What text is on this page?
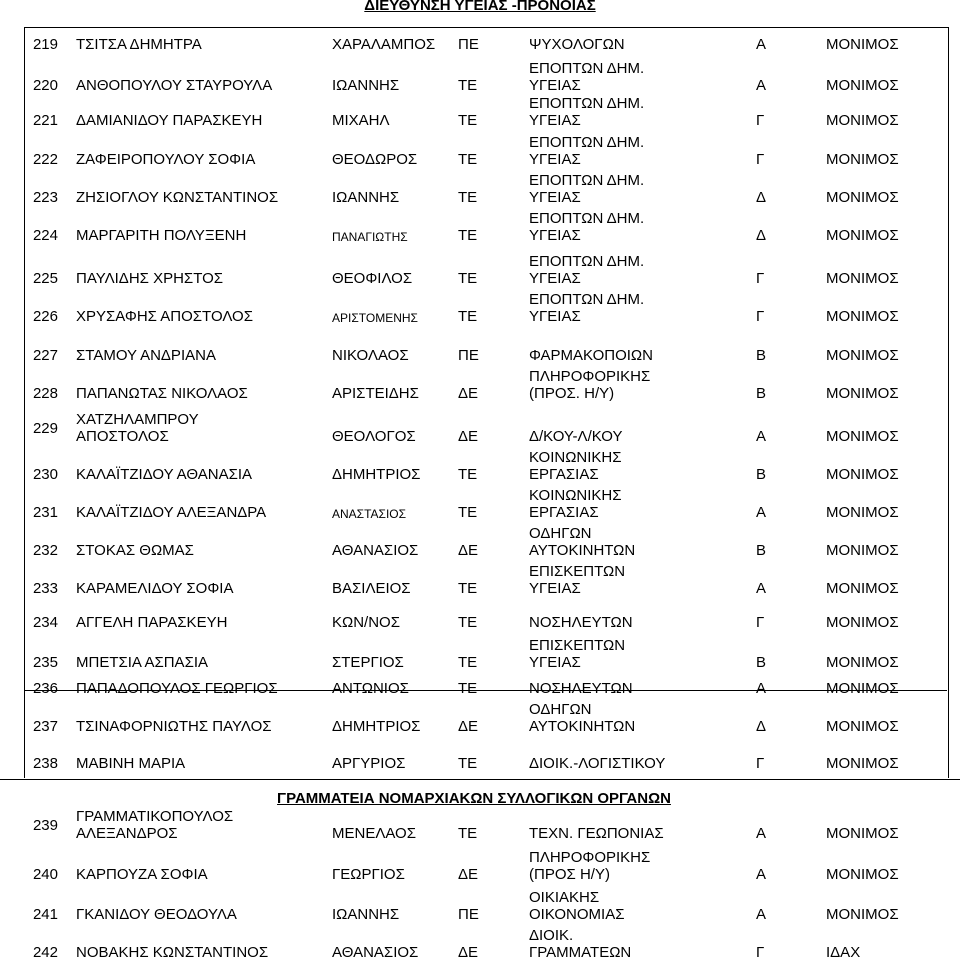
ΔΙΕΥΘΥΝΣΗ ΥΓΕΙΑΣ -ΠΡΟΝΟΙΑΣ
ΓΡΑΜΜΑΤΕΙΑ ΝΟΜΑΡΧΙΑΚΩΝ ΣΥΛΛΟΓΙΚΩΝ ΟΡΓΑΝΩΝ
219 ΤΣΙΤΣΑ ΔΗΜΗΤΡΑ	ΧΑΡΑΛΑΜΠΟΣ	ΠΕ	ΨΥΧΟΛΟΓΩΝ	Α	ΜΟΝΙΜΟΣ
220 ΑΝΘΟΠΟΥΛΟΥ ΣΤΑΥΡΟΥΛΑ	ΙΩΑΝΝΗΣ	ΤΕ
ΕΠΟΠΤΩΝ ΔΗΜ.
ΥΓΕΙΑΣ	Α	ΜΟΝΙΜΟΣ
221 ΔΑΜΙΑΝΙΔΟΥ ΠΑΡΑΣΚΕΥΗ	ΜΙΧΑΗΛ	ΤΕ
ΕΠΟΠΤΩΝ ΔΗΜ.
ΥΓΕΙΑΣ	Γ	ΜΟΝΙΜΟΣ
222 ΖΑΦΕΙΡΟΠΟΥΛΟΥ ΣΟΦΙΑ	ΘΕΟΔΩΡΟΣ	ΤΕ
ΕΠΟΠΤΩΝ ΔΗΜ.
ΥΓΕΙΑΣ	Γ	ΜΟΝΙΜΟΣ
223 ΖΗΣΙΟΓΛΟΥ ΚΩΝΣΤΑΝΤΙΝΟΣ	ΙΩΑΝΝΗΣ	ΤΕ
ΕΠΟΠΤΩΝ ΔΗΜ.
ΥΓΕΙΑΣ	Δ	ΜΟΝΙΜΟΣ
224 ΜΑΡΓΑΡΙΤΗ ΠΟΛΥΞΕΝΗ	ΠΑΝΑΓΙΩΤΗΣ	ΤΕ
ΕΠΟΠΤΩΝ ΔΗΜ.
ΥΓΕΙΑΣ	Δ	ΜΟΝΙΜΟΣ
225 ΠΑΥΛΙΔΗΣ ΧΡΗΣΤΟΣ	ΘΕΟΦΙΛΟΣ	ΤΕ
ΕΠΟΠΤΩΝ ΔΗΜ.
ΥΓΕΙΑΣ	Γ	ΜΟΝΙΜΟΣ
226 ΧΡΥΣΑΦΗΣ ΑΠΟΣΤΟΛΟΣ	ΑΡΙΣΤΟΜΕΝΗΣ	ΤΕ
ΕΠΟΠΤΩΝ ΔΗΜ.
ΥΓΕΙΑΣ	Γ	ΜΟΝΙΜΟΣ
227 ΣΤΑΜΟΥ ΑΝΔΡΙΑΝΑ	ΝΙΚΟΛΑΟΣ	ΠΕ	ΦΑΡΜΑΚΟΠΟΙΩΝ	Β	ΜΟΝΙΜΟΣ
228 ΠΑΠΑΝΩΤΑΣ ΝΙΚΟΛΑΟΣ	ΑΡΙΣΤΕΙΔΗΣ	ΔΕ
ΠΛΗΡΟΦΟΡΙΚΗΣ
(ΠΡΟΣ. Η/Υ)	Β	ΜΟΝΙΜΟΣ
229
ΧΑΤΖΗΛΑΜΠΡΟΥ
ΑΠΟΣΤΟΛΟΣ	ΘΕΟΛΟΓΟΣ	ΔΕ	Δ/ΚΟΥ-Λ/ΚΟΥ	Α	ΜΟΝΙΜΟΣ
230 ΚΑΛΑΪΤΖΙΔΟΥ ΑΘΑΝΑΣΙΑ	ΔΗΜΗΤΡΙΟΣ	ΤΕ
ΚΟΙΝΩΝΙΚΗΣ
ΕΡΓΑΣΙΑΣ	Β	ΜΟΝΙΜΟΣ
231 ΚΑΛΑΪΤΖΙΔΟΥ ΑΛΕΞΑΝΔΡΑ	ΑΝΑΣΤΑΣΙΟΣ	ΤΕ
ΚΟΙΝΩΝΙΚΗΣ
ΕΡΓΑΣΙΑΣ	Α	ΜΟΝΙΜΟΣ
232 ΣΤΟΚΑΣ ΘΩΜΑΣ	ΑΘΑΝΑΣΙΟΣ	ΔΕ
ΟΔΗΓΩΝ
ΑΥΤΟΚΙΝΗΤΩΝ	Β	ΜΟΝΙΜΟΣ
233 ΚΑΡΑΜΕΛΙΔΟΥ ΣΟΦΙΑ	ΒΑΣΙΛΕΙΟΣ	ΤΕ
ΕΠΙΣΚΕΠΤΩΝ
ΥΓΕΙΑΣ	Α	ΜΟΝΙΜΟΣ
234 ΑΓΓΕΛΗ ΠΑΡΑΣΚΕΥΗ	ΚΩΝ/ΝΟΣ	ΤΕ	ΝΟΣΗΛΕΥΤΩΝ	Γ	ΜΟΝΙΜΟΣ
235 ΜΠΕΤΣΙΑ ΑΣΠΑΣΙΑ	ΣΤΕΡΓΙΟΣ	ΤΕ
ΕΠΙΣΚΕΠΤΩΝ
ΥΓΕΙΑΣ	Β	ΜΟΝΙΜΟΣ
236 ΠΑΠΑΔΟΠΟΥΛΟΣ ΓΕΩΡΓΙΟΣ	ΑΝΤΩΝΙΟΣ	ΤΕ	ΝΟΣΗΛΕΥΤΩΝ	Α	ΜΟΝΙΜΟΣ
237 ΤΣΙΝΑΦΟΡΝΙΩΤΗΣ ΠΑΥΛΟΣ	ΔΗΜΗΤΡΙΟΣ	ΔΕ
ΟΔΗΓΩΝ
ΑΥΤΟΚΙΝΗΤΩΝ	Δ	ΜΟΝΙΜΟΣ
238 ΜΑΒΙΝΗ ΜΑΡΙΑ	ΑΡΓΥΡΙΟΣ	ΤΕ	ΔΙΟΙΚ.-ΛΟΓΙΣΤΙΚΟΥ	Γ	ΜΟΝΙΜΟΣ
239
ΓΡΑΜΜΑΤΙΚΟΠΟΥΛΟΣ
ΑΛΕΞΑΝΔΡΟΣ	ΜΕΝΕΛΑΟΣ	ΤΕ	ΤΕΧΝ. ΓΕΩΠΟΝΙΑΣ	Α	ΜΟΝΙΜΟΣ
240 ΚΑΡΠΟΥΖΑ ΣΟΦΙΑ	ΓΕΩΡΓΙΟΣ	ΔΕ
ΠΛΗΡΟΦΟΡΙΚΗΣ
(ΠΡΟΣ Η/Υ)	Α	ΜΟΝΙΜΟΣ
241 ΓΚΑΝΙΔΟΥ ΘΕΟΔΟΥΛΑ	ΙΩΑΝΝΗΣ	ΠΕ
ΟΙΚΙΑΚΗΣ
ΟΙΚΟΝΟΜΙΑΣ	Α	ΜΟΝΙΜΟΣ
242 ΝΟΒΑΚΗΣ ΚΩΝΣΤΑΝΤΙΝΟΣ	ΑΘΑΝΑΣΙΟΣ	ΔΕ
ΔΙΟΙΚ.
ΓΡΑΜΜΑΤΕΩΝ	Γ	ΙΔΑΧ
